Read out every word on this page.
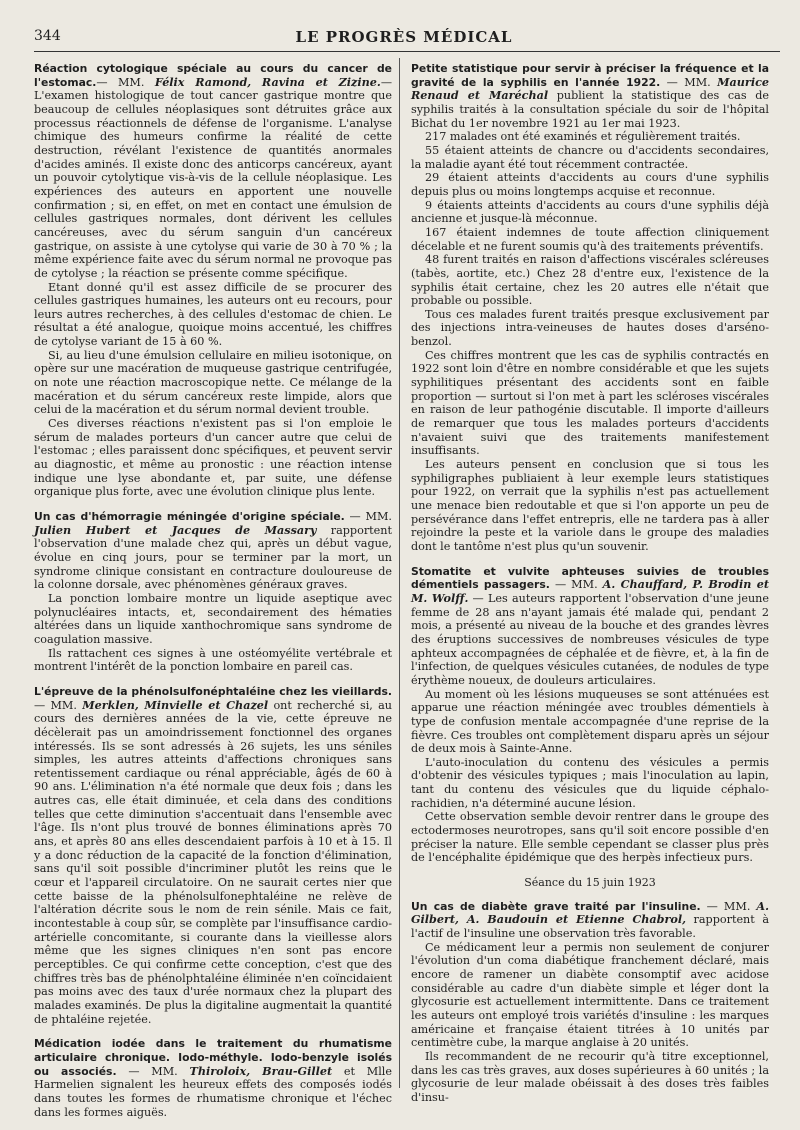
344	LE PROGRÈS MÉDICAL

Réaction cytologique spéciale au cours du cancer de l'estomac.— MM. Félix Ramond, Ravina et Zizine.— L'examen histologique de tout cancer gastrique montre que beaucoup de cellules néoplasiques sont détruites grâce aux processus réactionnels de défense de l'organisme. L'analyse chimique des humeurs confirme la réalité de cette destruction, révélant l'existence de quantités anormales d'acides aminés. Il existe donc des anticorps cancéreux, ayant un pouvoir cytolytique vis-à-vis de la cellule néoplasique. Les expériences des auteurs en apportent une nouvelle confirmation ; si, en effet, on met en contact une émulsion de cellules gastriques normales, dont dérivent les cellules cancéreuses, avec du sérum sanguin d'un cancéreux gastrique, on assiste à une cytolyse qui varie de 30 à 70 % ; la même expérience faite avec du sérum normal ne provoque pas de cytolyse ; la réaction se présente comme spécifique.

Etant donné qu'il est assez difficile de se procurer des cellules gastriques humaines, les auteurs ont eu recours, pour leurs autres recherches, à des cellules d'estomac de chien. Le résultat a été analogue, quoique moins accentué, les chiffres de cytolyse variant de 15 à 60 %.

Si, au lieu d'une émulsion cellulaire en milieu isotonique, on opère sur une macération de muqueuse gastrique centrifugée, on note une réaction macroscopique nette. Ce mélange de la macération et du sérum cancéreux reste limpide, alors que celui de la macération et du sérum normal devient trouble.

Ces diverses réactions n'existent pas si l'on emploie le sérum de malades porteurs d'un cancer autre que celui de l'estomac ; elles paraissent donc spécifiques, et peuvent servir au diagnostic, et même au pronostic : une réaction intense indique une lyse abondante et, par suite, une défense organique plus forte, avec une évolution clinique plus lente.

Un cas d'hémorragie méningée d'origine spéciale. — MM. Julien Hubert et Jacques de Massary rapportent l'observation d'une malade chez qui, après un début vague, évolue en cinq jours, pour se terminer par la mort, un syndrome clinique consistant en contracture douloureuse de la colonne dorsale, avec phénomènes généraux graves.

La ponction lombaire montre un liquide aseptique avec polynucléaires intacts, et, secondairement des hématies altérées dans un liquide xanthochromique sans syndrome de coagulation massive.

Ils rattachent ces signes à une ostéomyélite vertébrale et montrent l'intérêt de la ponction lombaire en pareil cas.

L'épreuve de la phénolsulfonéphtaléine chez les vieillards. — MM. Merklen, Minvielle et Chazel ont recherché si, au cours des dernières années de la vie, cette épreuve ne décèlerait pas un amoindrissement fonctionnel des organes intéressés. Ils se sont adressés à 26 sujets, les uns séniles simples, les autres atteints d'affections chroniques sans retentissement cardiaque ou rénal appréciable, âgés de 60 à 90 ans. L'élimination n'a été normale que deux fois ; dans les autres cas, elle était diminuée, et cela dans des conditions telles que cette diminution s'accentuait dans l'ensemble avec l'âge. Ils n'ont plus trouvé de bonnes éliminations après 70 ans, et après 80 ans elles descendaient parfois à 10 et à 15. Il y a donc réduction de la capacité de la fonction d'élimination, sans qu'il soit possible d'incriminer plutôt les reins que le cœur et l'appareil circulatoire. On ne saurait certes nier que cette baisse de la phénolsulfonephtaléine ne relève de l'altération décrite sous le nom de rein sénile. Mais ce fait, incontestable à coup sûr, se complète par l'insuffisance cardio-artérielle concomitante, si courante dans la vieillesse alors même que les signes cliniques n'en sont pas encore perceptibles. Ce qui confirme cette conception, c'est que des chiffres très bas de phénolphtaléine éliminée n'en coïncidaient pas moins avec des taux d'urée normaux chez la plupart des malades examinés. De plus la digitaline augmentait la quantité de phtaléine rejetée.

Médication iodée dans le traitement du rhumatisme articulaire chronique. Iodo-méthyle. Iodo-benzyle isolés ou associés. — MM. Thiroloix, Brau-Gillet et Mlle Harmelien signalent les heureux effets des composés iodés dans toutes les formes de rhumatisme chronique et l'échec dans les formes aiguës.

Petite statistique pour servir à préciser la fréquence et la gravité de la syphilis en l'année 1922. — MM. Maurice Renaud et Maréchal publient la statistique des cas de syphilis traités à la consultation spéciale du soir de l'hôpital Bichat du 1er novembre 1921 au 1er mai 1923.

217 malades ont été examinés et régulièrement traités.

55 étaient atteints de chancre ou d'accidents secondaires, la maladie ayant été tout récemment contractée.

29 étaient atteints d'accidents au cours d'une syphilis depuis plus ou moins longtemps acquise et reconnue.

9 étaients atteints d'accidents au cours d'une syphilis déjà ancienne et jusque-là méconnue.

167 étaient indemnes de toute affection cliniquement décelable et ne furent soumis qu'à des traitements préventifs.

48 furent traités en raison d'affections viscérales scléreuses (tabès, aortite, etc.) Chez 28 d'entre eux, l'existence de la syphilis était certaine, chez les 20 autres elle n'était que probable ou possible.

Tous ces malades furent traités presque exclusivement par des injections intra-veineuses de hautes doses d'arséno-benzol.

Ces chiffres montrent que les cas de syphilis contractés en 1922 sont loin d'être en nombre considérable et que les sujets syphilitiques présentant des accidents sont en faible proportion — surtout si l'on met à part les scléroses viscérales en raison de leur pathogénie discutable. Il importe d'ailleurs de remarquer que tous les malades porteurs d'accidents n'avaient suivi que des traitements manifestement insuffisants.

Les auteurs pensent en conclusion que si tous les syphiligraphes publiaient à leur exemple leurs statistiques pour 1922, on verrait que la syphilis n'est pas actuellement une menace bien redoutable et que si l'on apporte un peu de persévérance dans l'effet entrepris, elle ne tardera pas à aller rejoindre la peste et la variole dans le groupe des maladies dont le tantôme n'est plus qu'un souvenir.

Stomatite et vulvite aphteuses suivies de troubles démentiels passagers. — MM. A. Chauffard, P. Brodin et M. Wolff. — Les auteurs rapportent l'observation d'une jeune femme de 28 ans n'ayant jamais été malade qui, pendant 2 mois, a présenté au niveau de la bouche et des grandes lèvres des éruptions successives de nombreuses vésicules de type aphteux accompagnées de céphalée et de fièvre, et, à la fin de l'infection, de quelques vésicules cutanées, de nodules de type érythème noueux, de douleurs articulaires.

Au moment où les lésions muqueuses se sont atténuées est apparue une réaction méningée avec troubles démentiels à type de confusion mentale accompagnée d'une reprise de la fièvre. Ces troubles ont complètement disparu après un séjour de deux mois à Sainte-Anne.

L'auto-inoculation du contenu des vésicules a permis d'obtenir des vésicules typiques ; mais l'inoculation au lapin, tant du contenu des vésicules que du liquide céphalo-rachidien, n'a déterminé aucune lésion.

Cette observation semble devoir rentrer dans le groupe des ectodermoses neurotropes, sans qu'il soit encore possible d'en préciser la nature. Elle semble cependant se classer plus près de l'encéphalite épidémique que des herpès infectieux purs.

Séance du 15 juin 1923

Un cas de diabète grave traité par l'insuline. — MM. A. Gilbert, A. Baudouin et Etienne Chabrol, rapportent à l'actif de l'insuline une observation très favorable.

Ce médicament leur a permis non seulement de conjurer l'évolution d'un coma diabétique franchement déclaré, mais encore de ramener un diabète consomptif avec acidose considérable au cadre d'un diabète simple et léger dont la glycosurie est actuellement intermittente. Dans ce traitement les auteurs ont employé trois variétés d'insuline : les marques américaine et française étaient titrées à 10 unités par centimètre cube, la marque anglaise à 20 unités.

Ils recommandent de ne recourir qu'à titre exceptionnel, dans les cas très graves, aux doses supérieures à 60 unités ; la glycosurie de leur malade obéissait à des doses très faibles d'insu-
